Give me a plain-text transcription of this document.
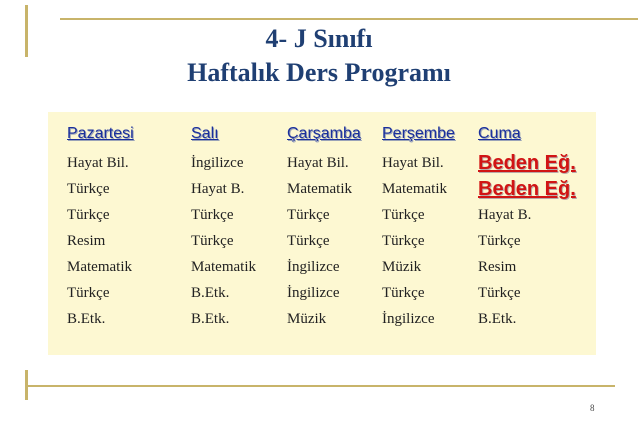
4- J Sınıfı
Haftalık Ders Programı
Pazartesi	Salı	Çarşamba	Perşembe	Cuma
Hayat Bil.	İngilizce	Hayat Bil.	Hayat Bil.	Beden Eğ.
Türkçe	Hayat B.	Matematik	Matematik	Beden Eğ.
Türkçe	Türkçe	Türkçe	Türkçe	Hayat B.
Resim	Türkçe	Türkçe	Türkçe	Türkçe
Matematik	Matematik	İngilizce	Müzik	Resim
Türkçe	B.Etk.	İngilizce	Türkçe	Türkçe
B.Etk.	B.Etk.	Müzik	İngilizce	B.Etk.
8
